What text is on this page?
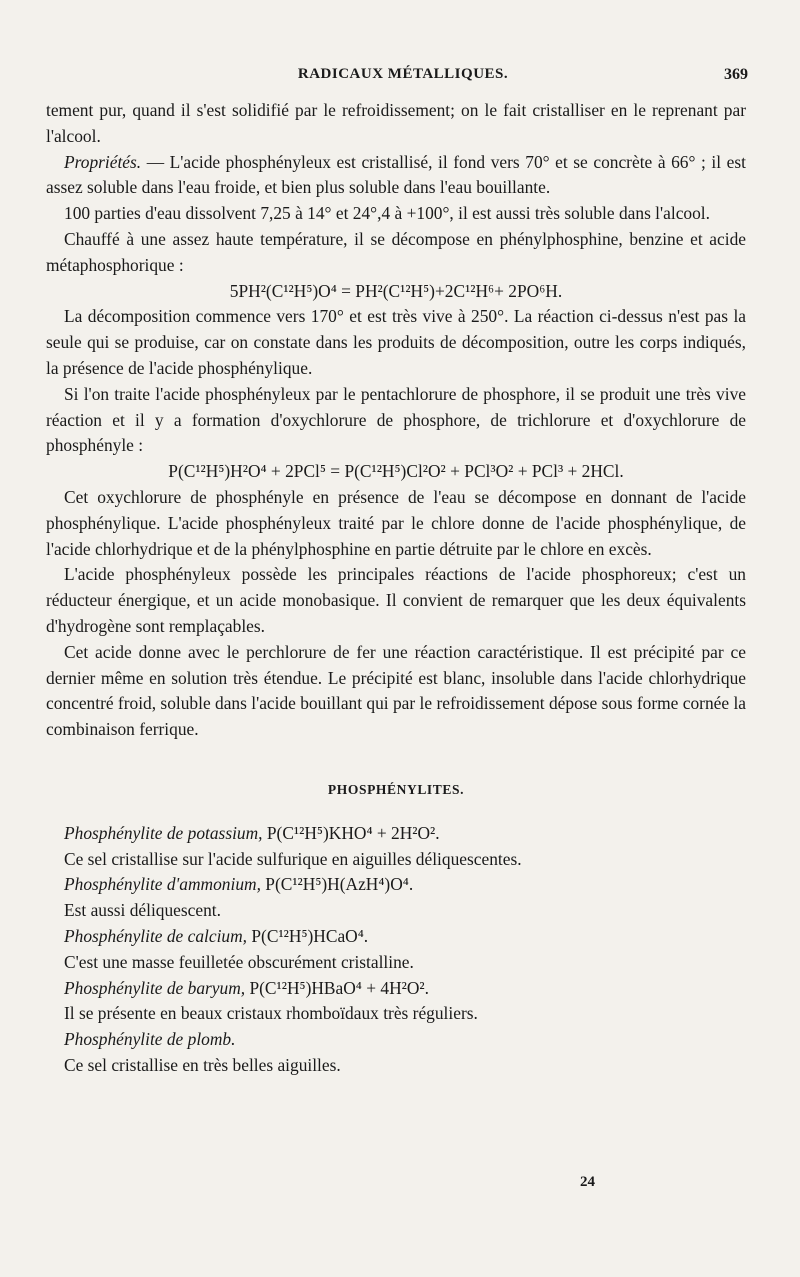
RADICAUX MÉTALLIQUES.	369

tement pur, quand il s'est solidifié par le refroidissement; on le fait cristalliser en le reprenant par l'alcool.

Propriétés. — L'acide phosphényleux est cristallisé, il fond vers 70° et se concrète à 66° ; il est assez soluble dans l'eau froide, et bien plus soluble dans l'eau bouillante.

100 parties d'eau dissolvent 7,25 à 14° et 24°,4 à +100°, il est aussi très soluble dans l'alcool.

Chauffé à une assez haute température, il se décompose en phénylphosphine, benzine et acide métaphosphorique :

5PH²(C¹²H⁵)O⁴ = PH²(C¹²H⁵)+2C¹²H⁶+ 2PO⁶H.

La décomposition commence vers 170° et est très vive à 250°. La réaction ci-dessus n'est pas la seule qui se produise, car on constate dans les produits de décomposition, outre les corps indiqués, la présence de l'acide phosphénylique.

Si l'on traite l'acide phosphényleux par le pentachlorure de phosphore, il se produit une très vive réaction et il y a formation d'oxychlorure de phosphore, de trichlorure et d'oxychlorure de phosphényle :

P(C¹²H⁵)H²O⁴ + 2PCl⁵ = P(C¹²H⁵)Cl²O² + PCl³O² + PCl³ + 2HCl.

Cet oxychlorure de phosphényle en présence de l'eau se décompose en donnant de l'acide phosphénylique. L'acide phosphényleux traité par le chlore donne de l'acide phosphénylique, de l'acide chlorhydrique et de la phénylphosphine en partie détruite par le chlore en excès.

L'acide phosphényleux possède les principales réactions de l'acide phosphoreux; c'est un réducteur énergique, et un acide monobasique. Il convient de remarquer que les deux équivalents d'hydrogène sont remplaçables.

Cet acide donne avec le perchlorure de fer une réaction caractéristique. Il est précipité par ce dernier même en solution très étendue. Le précipité est blanc, insoluble dans l'acide chlorhydrique concentré froid, soluble dans l'acide bouillant qui par le refroidissement dépose sous forme cornée la combinaison ferrique.

PHOSPHÉNYLITES.

Phosphénylite de potassium, P(C¹²H⁵)KHO⁴ + 2H²O².

Ce sel cristallise sur l'acide sulfurique en aiguilles déliquescentes.

Phosphénylite d'ammonium, P(C¹²H⁵)H(AzH⁴)O⁴.

Est aussi déliquescent.

Phosphénylite de calcium, P(C¹²H⁵)HCaO⁴.

C'est une masse feuilletée obscurément cristalline.

Phosphénylite de baryum, P(C¹²H⁵)HBaO⁴ + 4H²O².

Il se présente en beaux cristaux rhomboïdaux très réguliers.

Phosphénylite de plomb.

Ce sel cristallise en très belles aiguilles.

24
